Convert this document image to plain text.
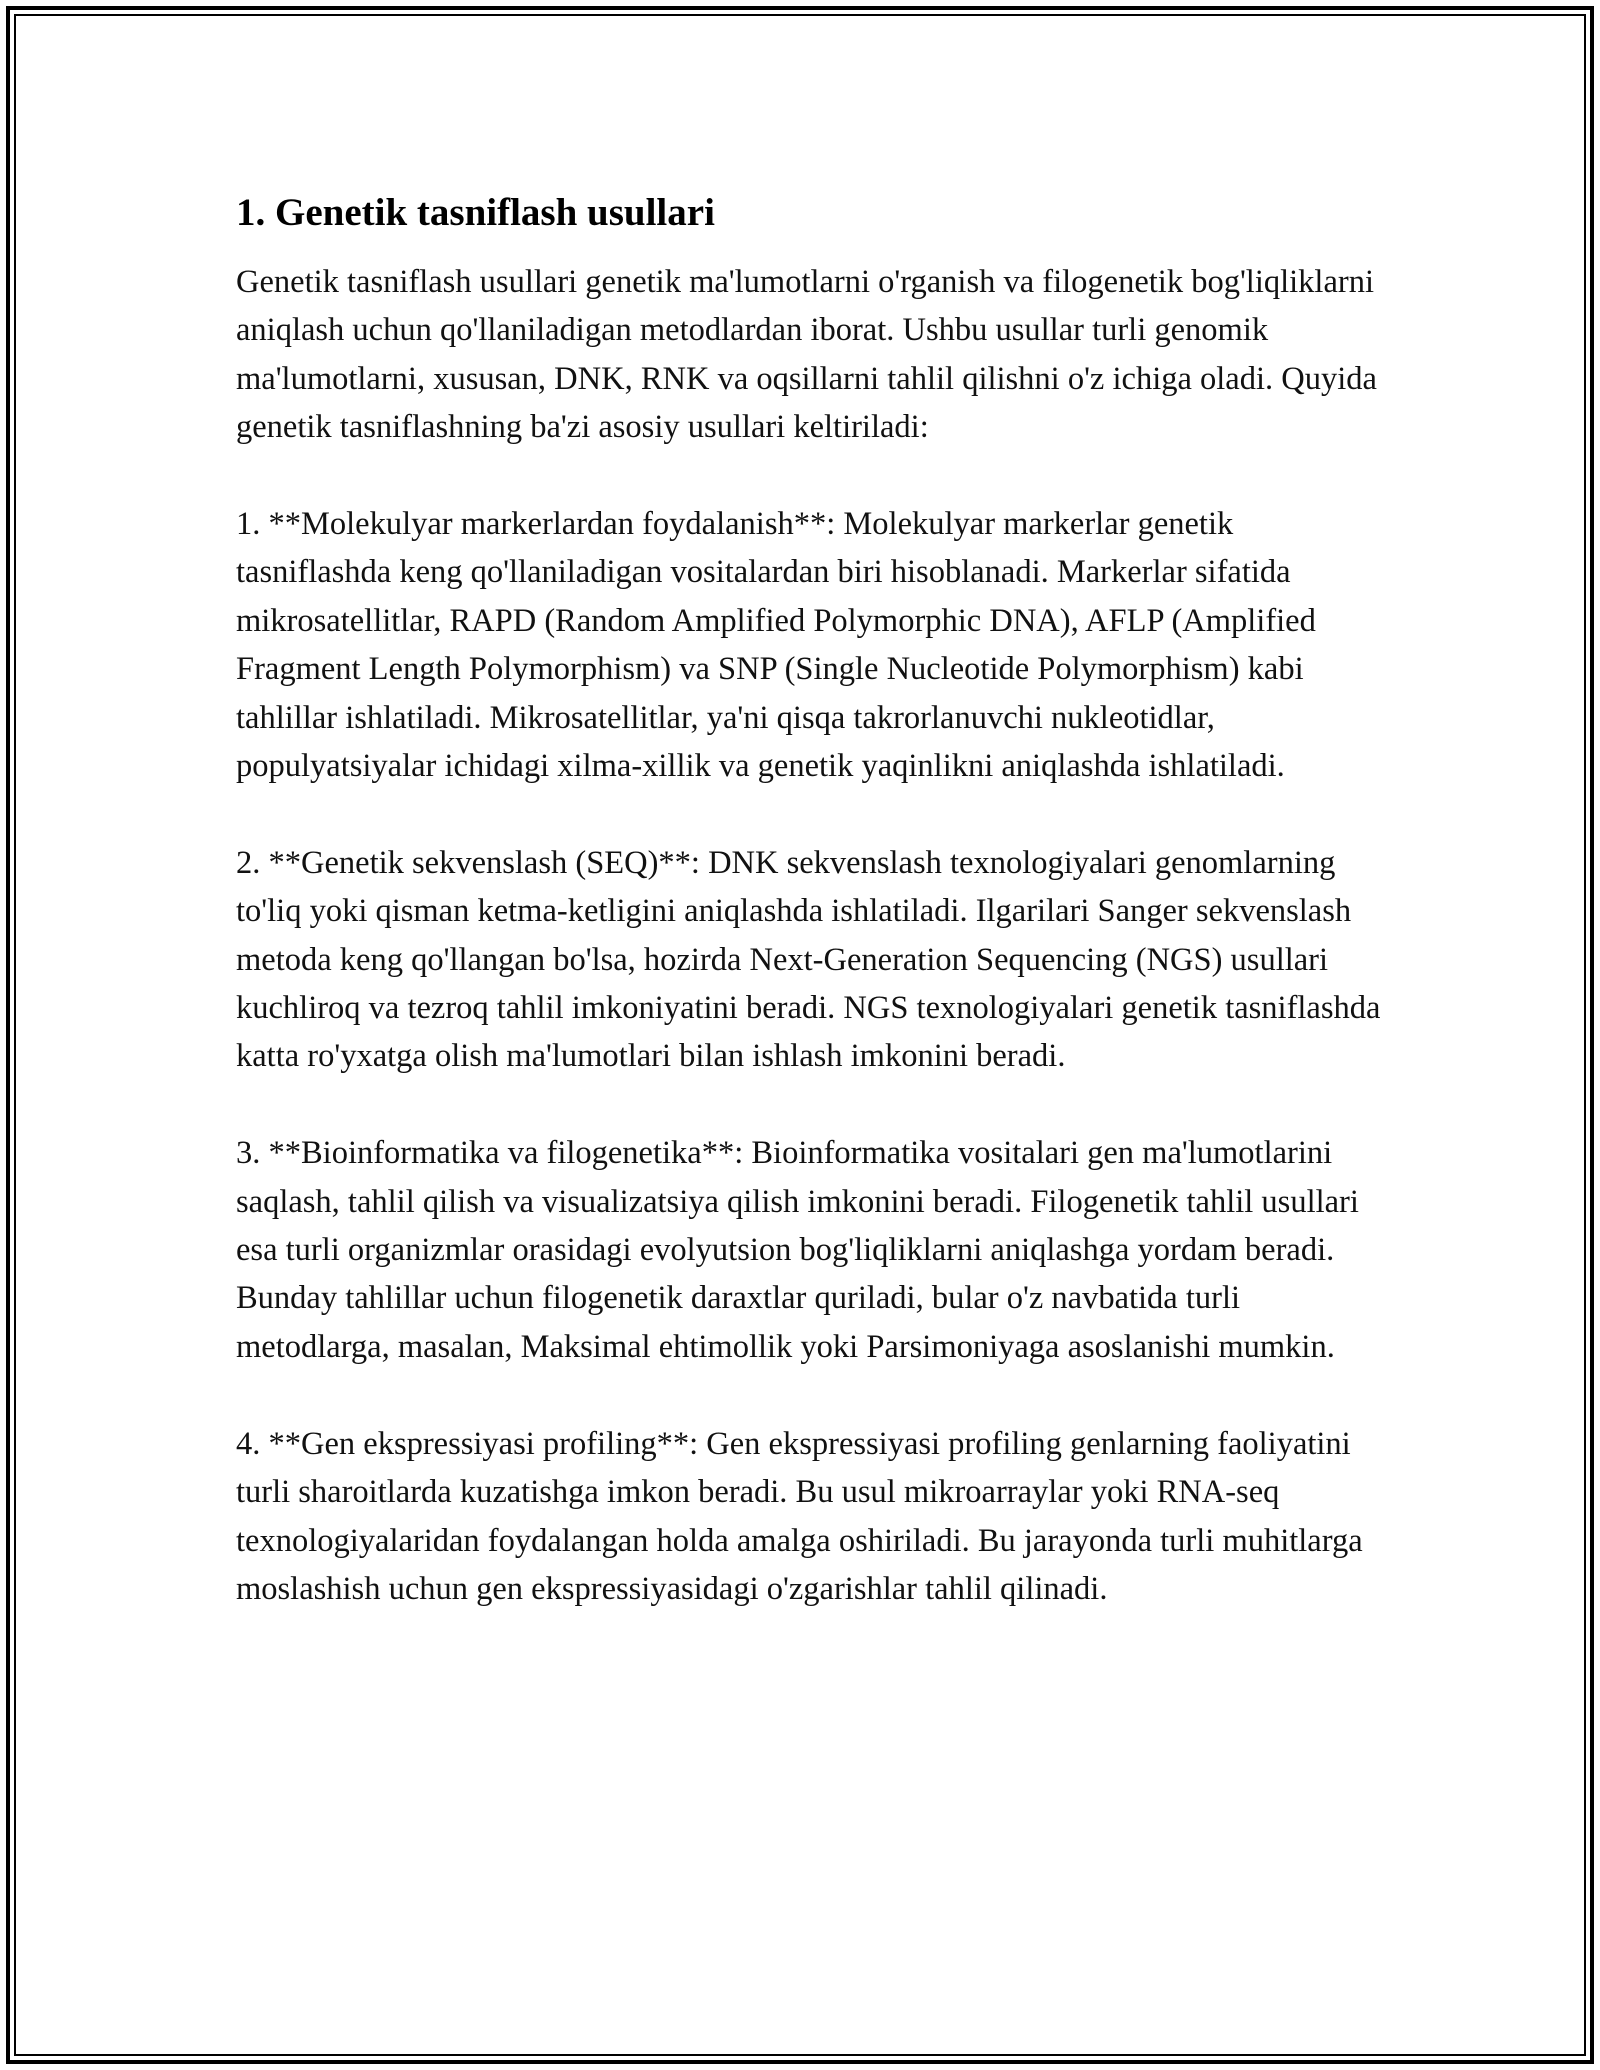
1. Genetik tasniflash usullari

Genetik tasniflash usullari genetik ma'lumotlarni o'rganish va filogenetik bog'liqliklarni aniqlash uchun qo'llaniladigan metodlardan iborat. Ushbu usullar turli genomik ma'lumotlarni, xususan, DNK, RNK va oqsillarni tahlil qilishni o'z ichiga oladi. Quyida genetik tasniflashning ba'zi asosiy usullari keltiriladi:

1. **Molekulyar markerlardan foydalanish**: Molekulyar markerlar genetik tasniflashda keng qo'llaniladigan vositalardan biri hisoblanadi. Markerlar sifatida mikrosatellitlar, RAPD (Random Amplified Polymorphic DNA), AFLP (Amplified Fragment Length Polymorphism) va SNP (Single Nucleotide Polymorphism) kabi tahlillar ishlatiladi. Mikrosatellitlar, ya'ni qisqa takrorlanuvchi nukleotidlar, populyatsiyalar ichidagi xilma-xillik va genetik yaqinlikni aniqlashda ishlatiladi.

2. **Genetik sekvenslash (SEQ)**: DNK sekvenslash texnologiyalari genomlarning to'liq yoki qisman ketma-ketligini aniqlashda ishlatiladi. Ilgarilari Sanger sekvenslash metoda keng qo'llangan bo'lsa, hozirda Next-Generation Sequencing (NGS) usullari kuchliroq va tezroq tahlil imkoniyatini beradi. NGS texnologiyalari genetik tasniflashda katta ro'yxatga olish ma'lumotlari bilan ishlash imkonini beradi.

3. **Bioinformatika va filogenetika**: Bioinformatika vositalari gen ma'lumotlarini saqlash, tahlil qilish va visualizatsiya qilish imkonini beradi. Filogenetik tahlil usullari esa turli organizmlar orasidagi evolyutsion bog'liqliklarni aniqlashga yordam beradi. Bunday tahlillar uchun filogenetik daraxtlar quriladi, bular o'z navbatida turli metodlarga, masalan, Maksimal ehtimollik yoki Parsimoniyaga asoslanishi mumkin.

4. **Gen ekspressiyasi profiling**: Gen ekspressiyasi profiling genlarning faoliyatini turli sharoitlarda kuzatishga imkon beradi. Bu usul mikroarraylar yoki RNA-seq texnologiyalaridan foydalangan holda amalga oshiriladi. Bu jarayonda turli muhitlarga moslashish uchun gen ekspressiyasidagi o'zgarishlar tahlil qilinadi.
